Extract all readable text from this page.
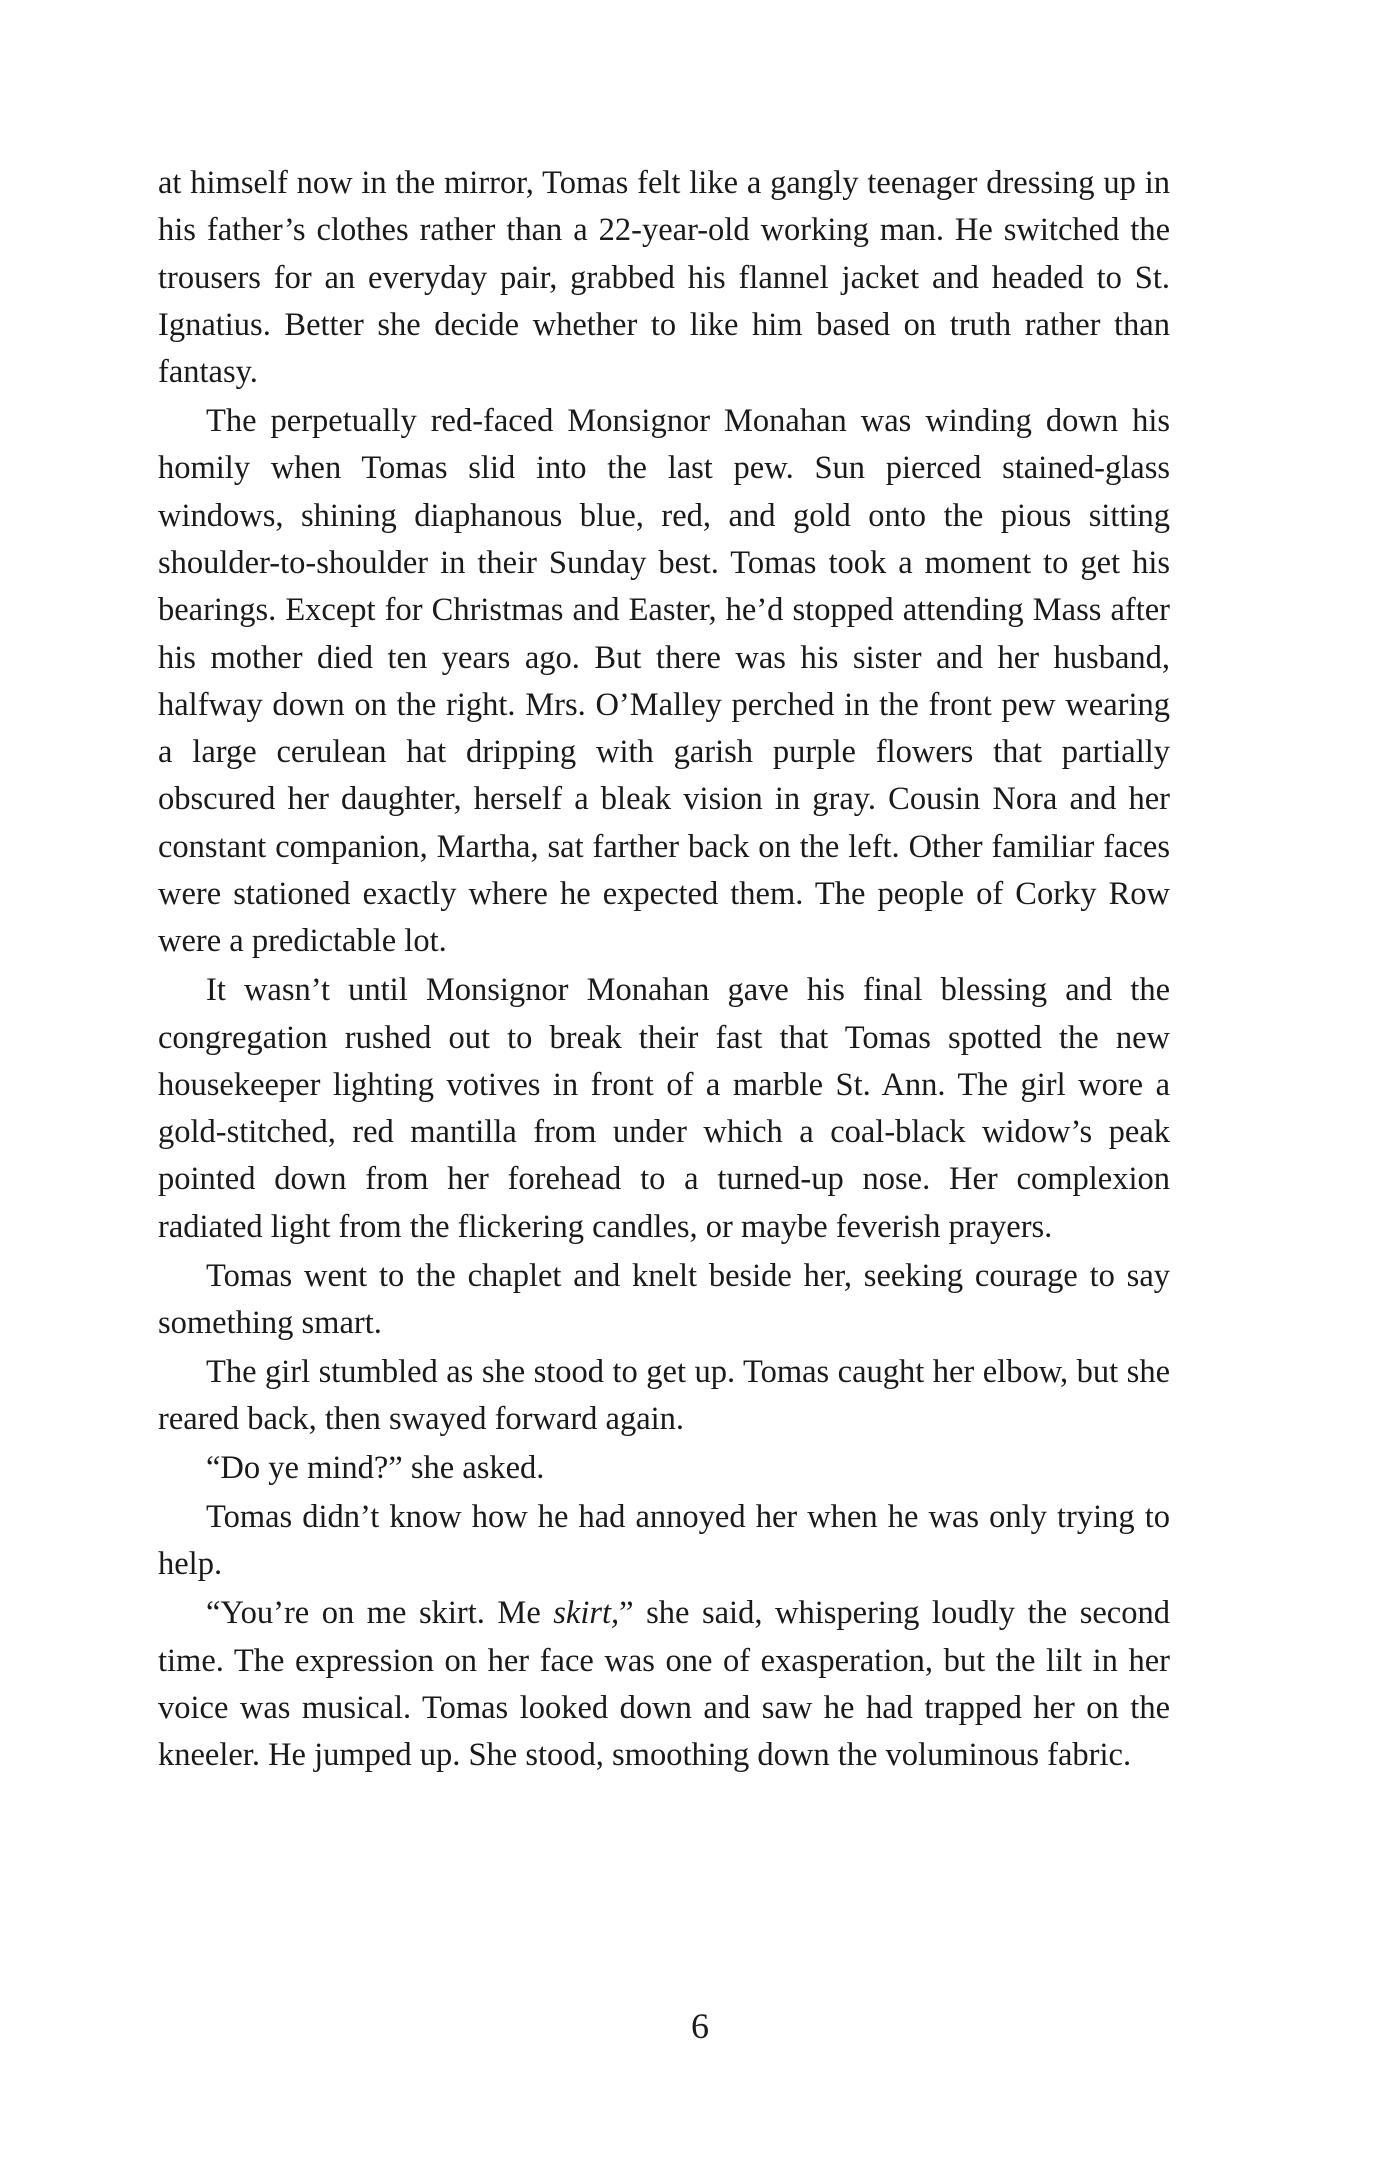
at himself now in the mirror, Tomas felt like a gangly teenager dressing up in his father’s clothes rather than a 22-year-old working man. He switched the trousers for an everyday pair, grabbed his flannel jacket and headed to St. Ignatius. Better she decide whether to like him based on truth rather than fantasy.

The perpetually red-faced Monsignor Monahan was winding down his homily when Tomas slid into the last pew. Sun pierced stained-glass windows, shining diaphanous blue, red, and gold onto the pious sitting shoulder-to-shoulder in their Sunday best. Tomas took a moment to get his bearings. Except for Christmas and Easter, he’d stopped attending Mass after his mother died ten years ago. But there was his sister and her husband, halfway down on the right. Mrs. O’Malley perched in the front pew wearing a large cerulean hat dripping with garish purple flowers that partially obscured her daughter, herself a bleak vision in gray. Cousin Nora and her constant companion, Martha, sat farther back on the left. Other familiar faces were stationed exactly where he expected them. The people of Corky Row were a predictable lot.

It wasn’t until Monsignor Monahan gave his final blessing and the congregation rushed out to break their fast that Tomas spotted the new housekeeper lighting votives in front of a marble St. Ann. The girl wore a gold-stitched, red mantilla from under which a coal-black widow’s peak pointed down from her forehead to a turned-up nose. Her complexion radiated light from the flickering candles, or maybe feverish prayers.

Tomas went to the chaplet and knelt beside her, seeking courage to say something smart.

The girl stumbled as she stood to get up. Tomas caught her elbow, but she reared back, then swayed forward again.

“Do ye mind?” she asked.

Tomas didn’t know how he had annoyed her when he was only trying to help.

“You’re on me skirt. Me skirt,” she said, whispering loudly the second time. The expression on her face was one of exasperation, but the lilt in her voice was musical. Tomas looked down and saw he had trapped her on the kneeler. He jumped up. She stood, smoothing down the voluminous fabric.

6
